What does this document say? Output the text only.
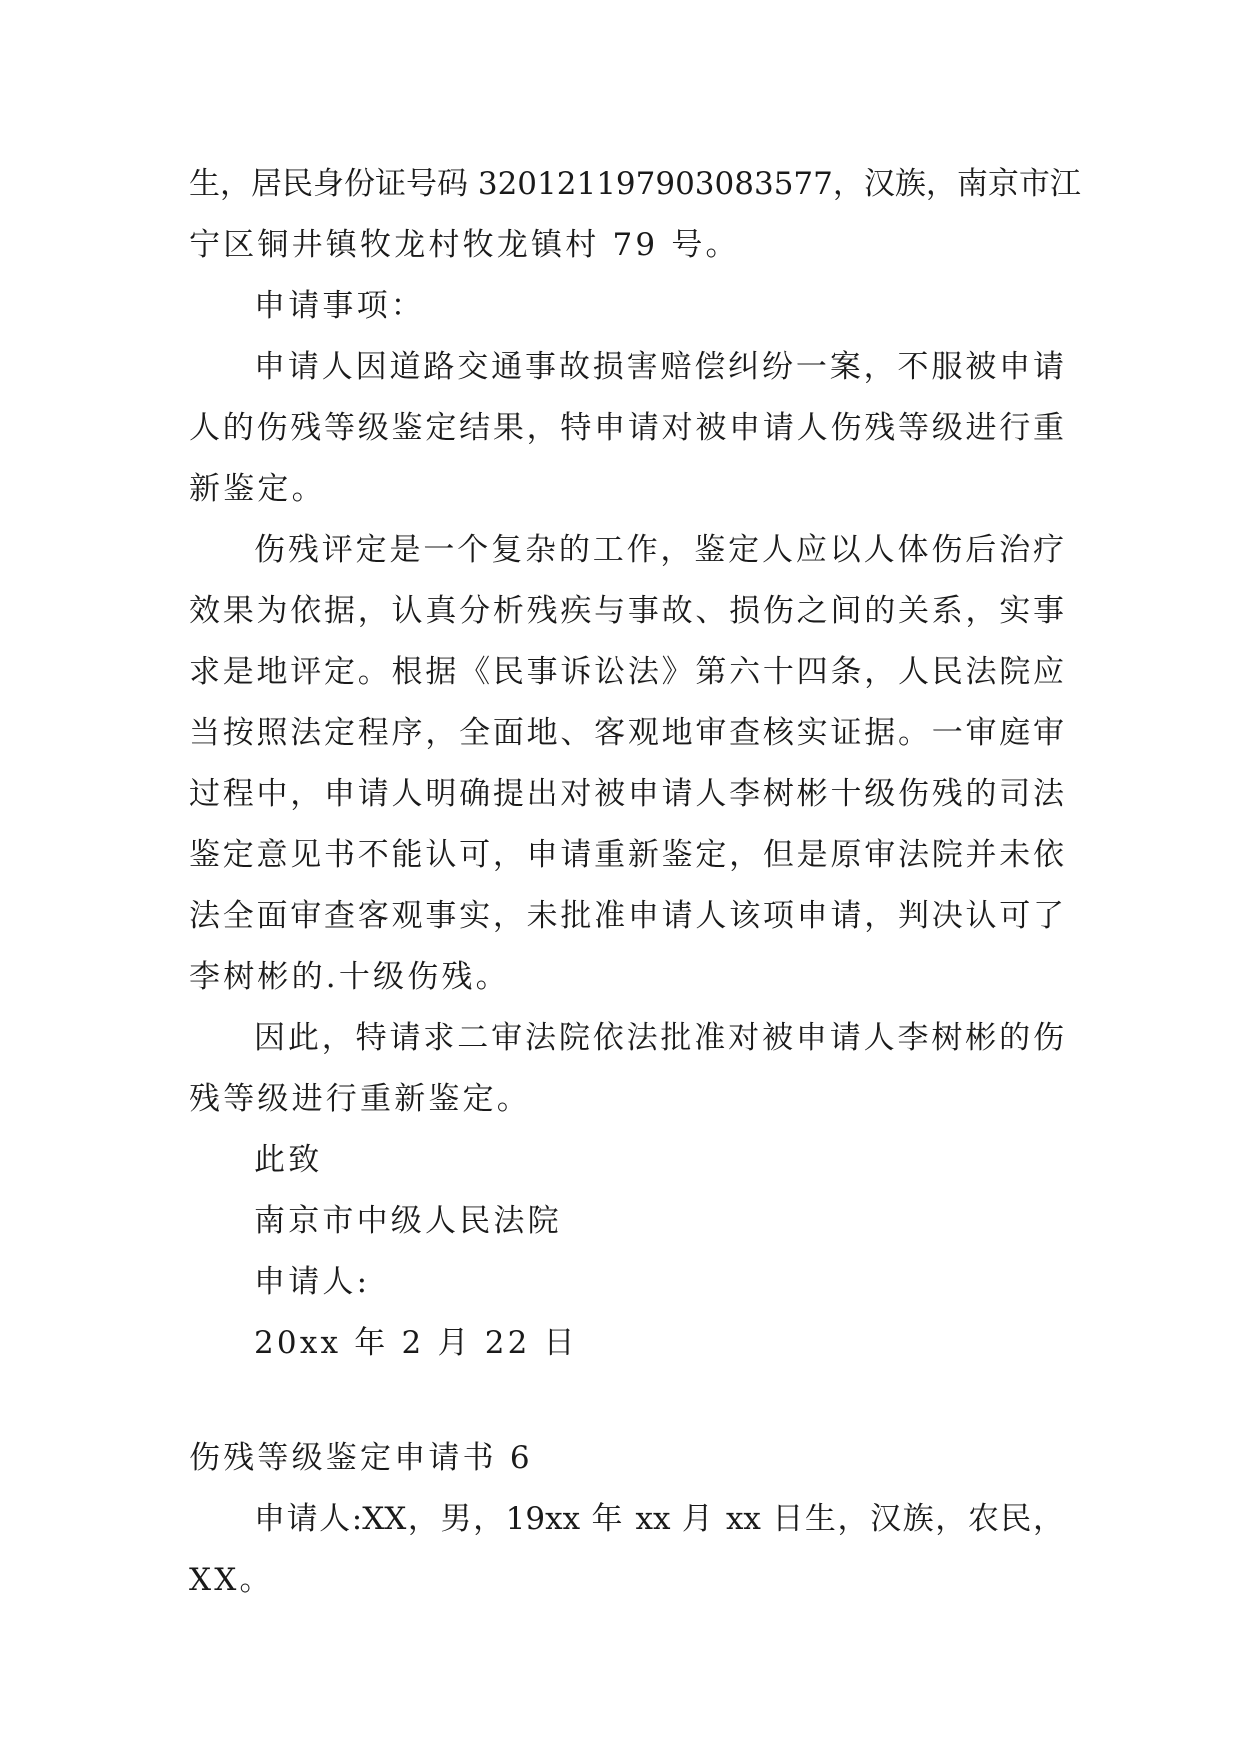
生，居民身份证号码 320121197903083577，汉族，南京市江
宁区铜井镇牧龙村牧龙镇村 79 号。
申请事项：
申请人因道路交通事故损害赔偿纠纷一案，不服被申请
人的伤残等级鉴定结果，特申请对被申请人伤残等级进行重
新鉴定。
伤残评定是一个复杂的工作，鉴定人应以人体伤后治疗
效果为依据，认真分析残疾与事故、损伤之间的关系，实事
求是地评定。根据《民事诉讼法》第六十四条，人民法院应
当按照法定程序，全面地、客观地审查核实证据。一审庭审
过程中，申请人明确提出对被申请人李树彬十级伤残的司法
鉴定意见书不能认可，申请重新鉴定，但是原审法院并未依
法全面审查客观事实，未批准申请人该项申请，判决认可了
李树彬的.十级伤残。
因此，特请求二审法院依法批准对被申请人李树彬的伤
残等级进行重新鉴定。
此致
南京市中级人民法院
申请人:
20xx 年 2 月 22 日
伤残等级鉴定申请书 6
申请人:XX，男，19xx 年 xx 月 xx 日生，汉族，农民，
XX。
